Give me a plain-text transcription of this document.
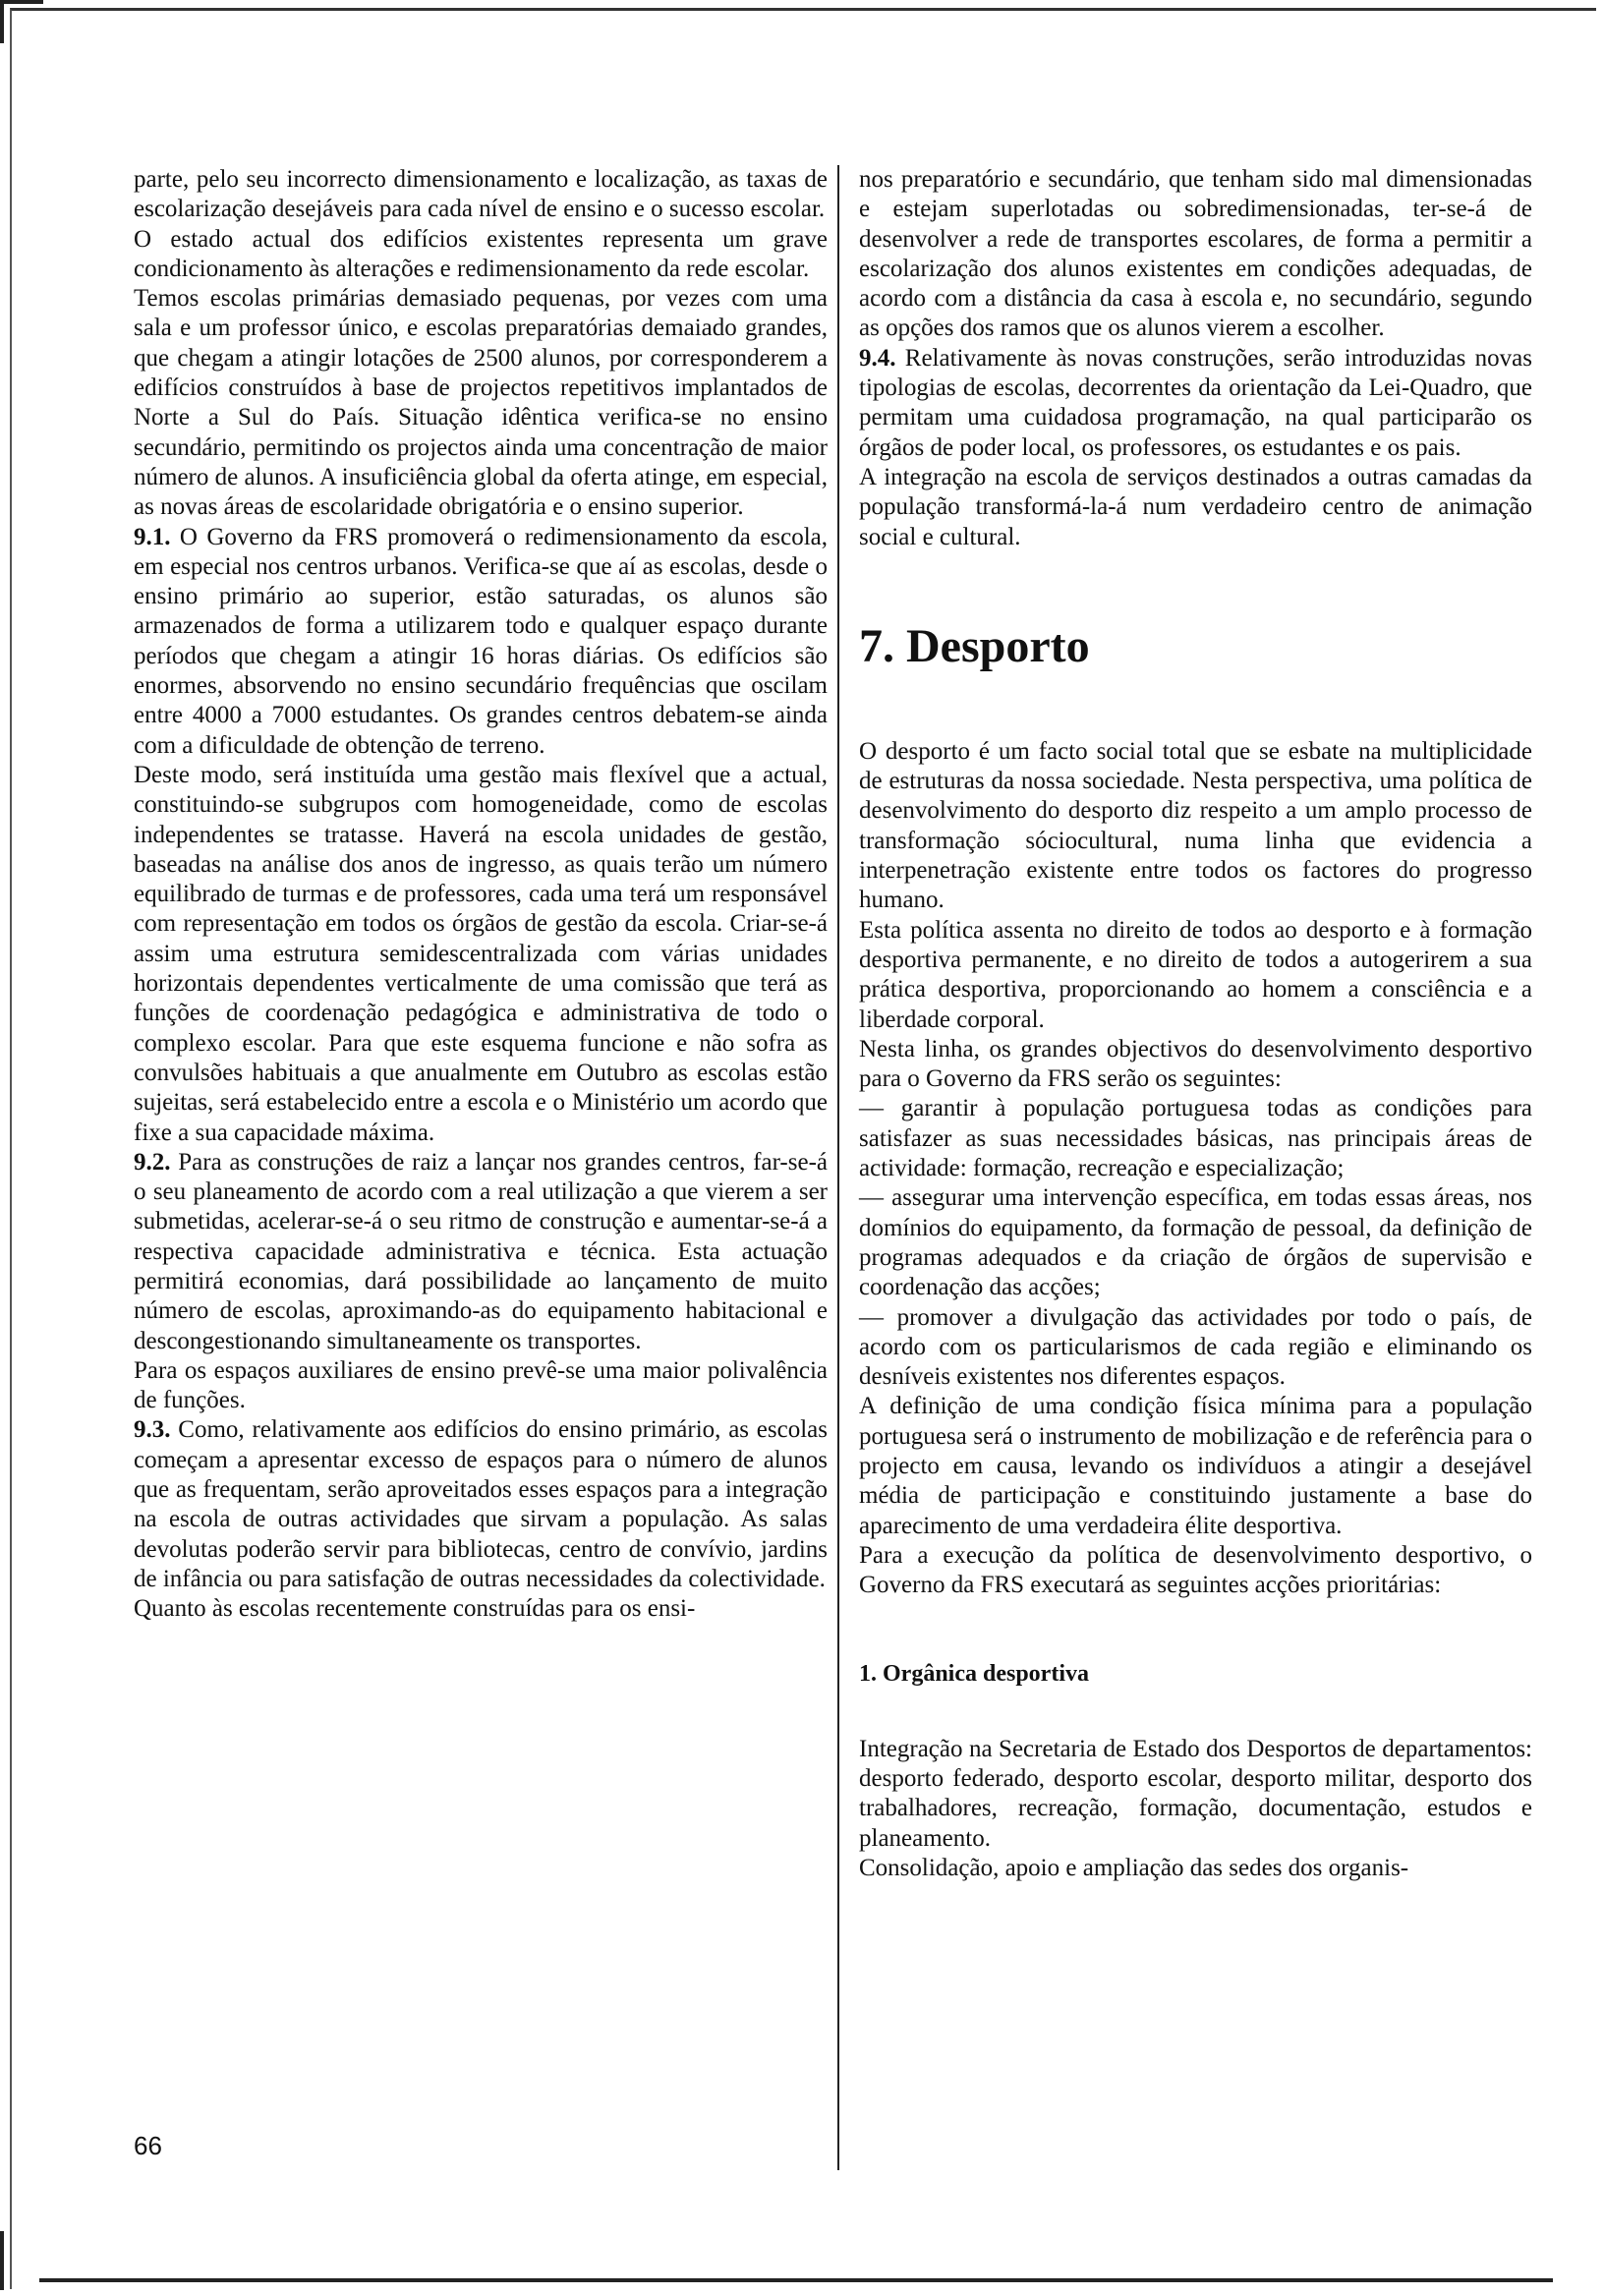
parte, pelo seu incorrecto dimensionamento e localização, as taxas de escolarização desejáveis para cada nível de ensino e o sucesso escolar.

O estado actual dos edifícios existentes representa um grave condicionamento às alterações e redimensionamento da rede escolar.

Temos escolas primárias demasiado pequenas, por vezes com uma sala e um professor único, e escolas preparatórias demaiado grandes, que chegam a atingir lotações de 2500 alunos, por corresponderem a edifícios construídos à base de projectos repetitivos implantados de Norte a Sul do País. Situação idêntica verifica-se no ensino secundário, permitindo os projectos ainda uma concentração de maior número de alunos. A insuficiência global da oferta atinge, em especial, as novas áreas de escolaridade obrigatória e o ensino superior.

9.1. O Governo da FRS promoverá o redimensionamento da escola, em especial nos centros urbanos. Verifica-se que aí as escolas, desde o ensino primário ao superior, estão saturadas, os alunos são armazenados de forma a utilizarem todo e qualquer espaço durante períodos que chegam a atingir 16 horas diárias. Os edifícios são enormes, absorvendo no ensino secundário frequências que oscilam entre 4000 a 7000 estudantes. Os grandes centros debatem-se ainda com a dificuldade de obtenção de terreno.

Deste modo, será instituída uma gestão mais flexível que a actual, constituindo-se subgrupos com homogeneidade, como de escolas independentes se tratasse. Haverá na escola unidades de gestão, baseadas na análise dos anos de ingresso, as quais terão um número equilibrado de turmas e de professores, cada uma terá um responsável com representação em todos os órgãos de gestão da escola. Criar-se-á assim uma estrutura semidescentralizada com várias unidades horizontais dependentes verticalmente de uma comissão que terá as funções de coordenação pedagógica e administrativa de todo o complexo escolar. Para que este esquema funcione e não sofra as convulsões habituais a que anualmente em Outubro as escolas estão sujeitas, será estabelecido entre a escola e o Ministério um acordo que fixe a sua capacidade máxima.

9.2. Para as construções de raiz a lançar nos grandes centros, far-se-á o seu planeamento de acordo com a real utilização a que vierem a ser submetidas, acelerar-se-á o seu ritmo de construção e aumentar-se-á a respectiva capacidade administrativa e técnica. Esta actuação permitirá economias, dará possibilidade ao lançamento de muito número de escolas, aproximando-as do equipamento habitacional e descongestionando simultaneamente os transportes.

Para os espaços auxiliares de ensino prevê-se uma maior polivalência de funções.

9.3. Como, relativamente aos edifícios do ensino primário, as escolas começam a apresentar excesso de espaços para o número de alunos que as frequentam, serão aproveitados esses espaços para a integração na escola de outras actividades que sirvam a população. As salas devolutas poderão servir para bibliotecas, centro de convívio, jardins de infância ou para satisfação de outras necessidades da colectividade.

Quanto às escolas recentemente construídas para os ensi-

nos preparatório e secundário, que tenham sido mal dimensionadas e estejam superlotadas ou sobredimensionadas, ter-se-á de desenvolver a rede de transportes escolares, de forma a permitir a escolarização dos alunos existentes em condições adequadas, de acordo com a distância da casa à escola e, no secundário, segundo as opções dos ramos que os alunos vierem a escolher.

9.4. Relativamente às novas construções, serão introduzidas novas tipologias de escolas, decorrentes da orientação da Lei-Quadro, que permitam uma cuidadosa programação, na qual participarão os órgãos de poder local, os professores, os estudantes e os pais.

A integração na escola de serviços destinados a outras camadas da população transformá-la-á num verdadeiro centro de animação social e cultural.

7. Desporto

O desporto é um facto social total que se esbate na multiplicidade de estruturas da nossa sociedade. Nesta perspectiva, uma política de desenvolvimento do desporto diz respeito a um amplo processo de transformação sóciocultural, numa linha que evidencia a interpenetração existente entre todos os factores do progresso humano.

Esta política assenta no direito de todos ao desporto e à formação desportiva permanente, e no direito de todos a autogerirem a sua prática desportiva, proporcionando ao homem a consciência e a liberdade corporal.

Nesta linha, os grandes objectivos do desenvolvimento desportivo para o Governo da FRS serão os seguintes:

— garantir à população portuguesa todas as condições para satisfazer as suas necessidades básicas, nas principais áreas de actividade: formação, recreação e especialização;

— assegurar uma intervenção específica, em todas essas áreas, nos domínios do equipamento, da formação de pessoal, da definição de programas adequados e da criação de órgãos de supervisão e coordenação das acções;

— promover a divulgação das actividades por todo o país, de acordo com os particularismos de cada região e eliminando os desníveis existentes nos diferentes espaços.

A definição de uma condição física mínima para a população portuguesa será o instrumento de mobilização e de referência para o projecto em causa, levando os indivíduos a atingir a desejável média de participação e constituindo justamente a base do aparecimento de uma verdadeira élite desportiva.

Para a execução da política de desenvolvimento desportivo, o Governo da FRS executará as seguintes acções prioritárias:

1. Orgânica desportiva

Integração na Secretaria de Estado dos Desportos de departamentos: desporto federado, desporto escolar, desporto militar, desporto dos trabalhadores, recreação, formação, documentação, estudos e planeamento.

Consolidação, apoio e ampliação das sedes dos organis-

66
